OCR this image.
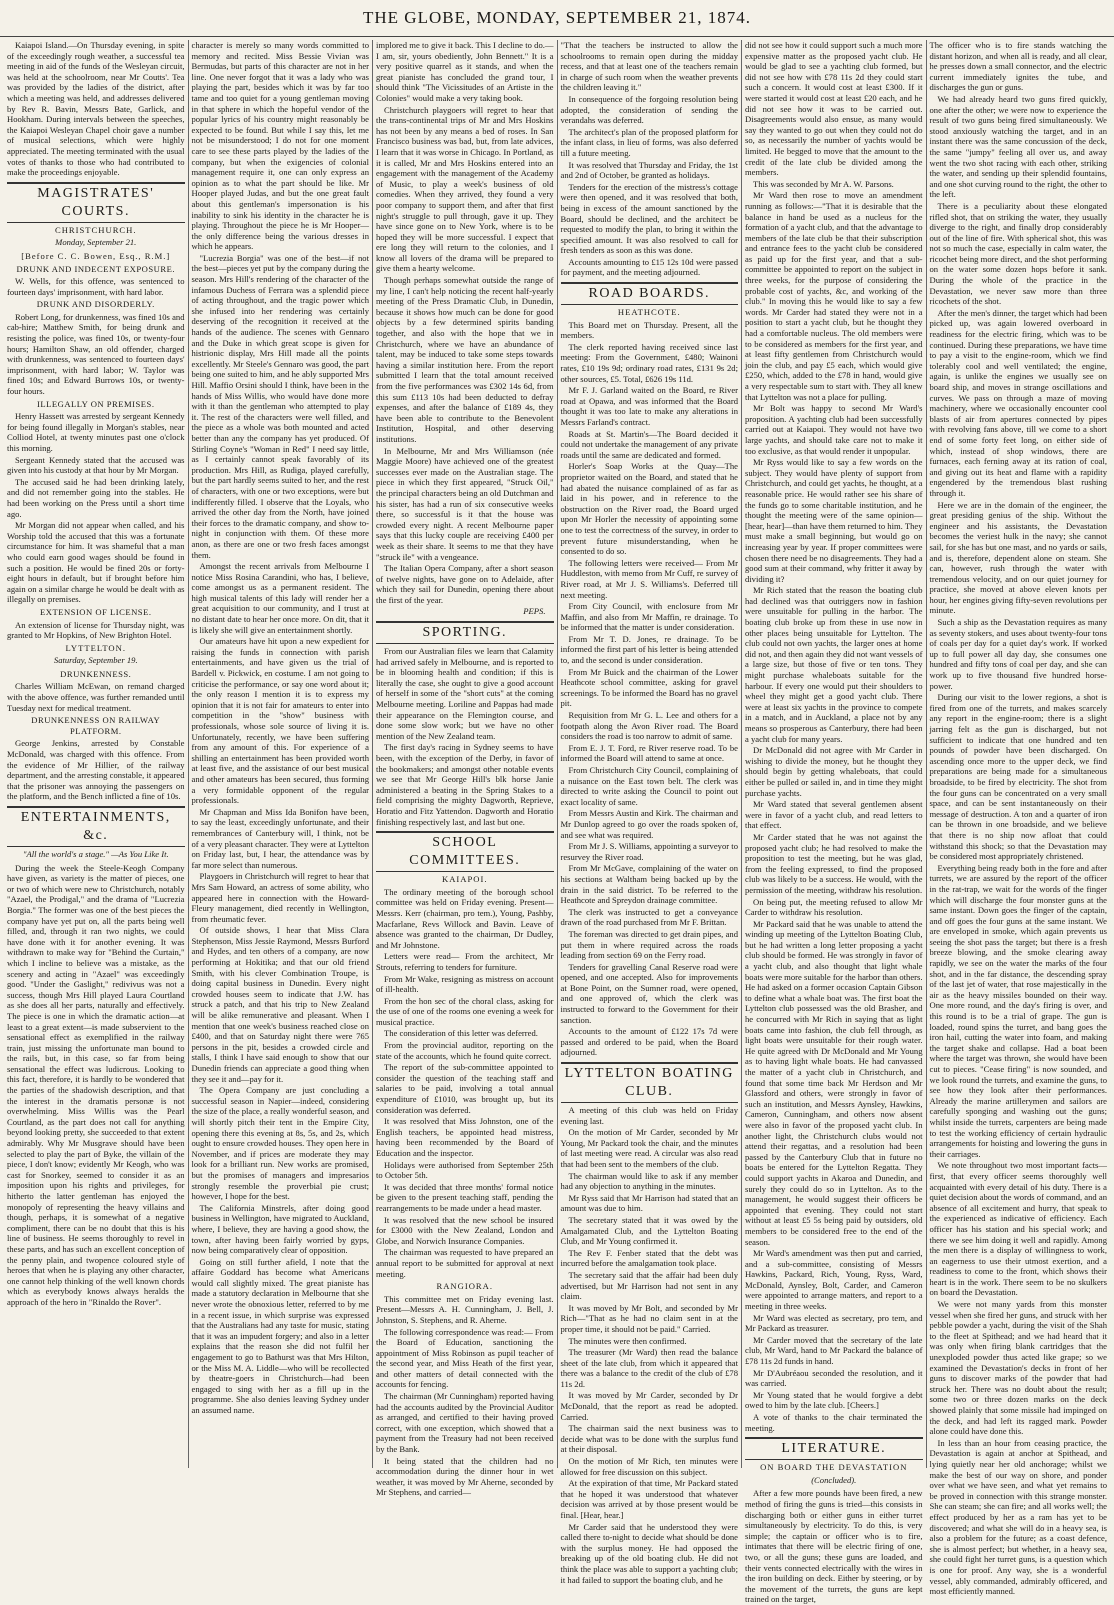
THE GLOBE, MONDAY, SEPTEMBER 21, 1874.

Kaiapoi Island.—On Thursday evening, in spite of the exceedingly rough weather, a successful tea meeting in aid of the funds of the Wesleyan circuit, was held at the schoolroom, near Mr Coutts'. Tea was provided by the ladies of the district, after which a meeting was held, and addresses delivered by Rev R. Bavin, Messrs Bate, Garlick, and Hookham. During intervals between the speeches, the Kaiapoi Wesleyan Chapel choir gave a number of musical selections, which were highly appreciated. The meeting terminated with the usual votes of thanks to those who had contributed to make the proceedings enjoyable.

MAGISTRATES' COURTS.
CHRISTCHURCH.
Monday, September 21.
[Before C. C. Bowen, Esq., R.M.]
DRUNK AND INDECENT EXPOSURE.

W. Wells, for this offence, was sentenced to fourteen days' imprisonment, with hard labor.

DRUNK AND DISORDERLY.

Robert Long, for drunkenness, was fined 10s and cab-hire; Matthew Smith, for being drunk and resisting the police, was fined 10s, or twenty-four hours; Hamilton Shaw, an old offender, charged with drunkenness, was sentenced to fourteen days' imprisonment, with hard labor; W. Taylor was fined 10s; and Edward Burrows 10s, or twenty-four hours.

ILLEGALLY ON PREMISES.

Henry Hassett was arrested by sergeant Kennedy for being found illegally in Morgan's stables, near Colliod Hotel, at twenty minutes past one o'clock this morning.

Sergeant Kennedy stated that the accused was given into his custody at that hour by Mr Morgan.

The accused said he had been drinking lately, and did not remember going into the stables. He had been working on the Press until a short time ago.

Mr Morgan did not appear when called, and his Worship told the accused that this was a fortunate circumstance for him. It was shameful that a man who could earn good wages should be found in such a position. He would be fined 20s or forty-eight hours in default, but if brought before him again on a similar charge he would be dealt with as illegally on premises.

EXTENSION OF LICENSE.

An extension of license for Thursday night, was granted to Mr Hopkins, of New Brighton Hotel.

LYTTELTON.
Saturday, September 19.
DRUNKENNESS.

Charles William McEwan, on remand charged with the above offence, was further remanded until Tuesday next for medical treatment.

DRUNKENNESS ON RAILWAY PLATFORM.

George Jenkins, arrested by Constable McDonald, was charged with this offence. From the evidence of Mr Hillier, of the railway department, and the arresting constable, it appeared that the prisoner was annoying the passengers on the platform, and the Bench inflicted a fine of 10s.

ENTERTAINMENTS, &c.
"All the world's a stage." —As You Like It.

During the week the Steele-Keogh Company have given, as variety is the matter of pieces, one or two of which were new to Christchurch, notably "Azael, the Prodigal," and the drama of "Lucrezia Borgia." The former was one of the best pieces the company have yet put on, all the parts being well filled, and, through it ran two nights, we could have done with it for another evening. It was withdrawn to make way for "Behind the Curtain," which I incline to believe was a mistake, as the scenery and acting in "Azael" was exceedingly good. "Under the Gaslight," redivivus was not a success, though Mrs Hill played Laura Courtland as she does all her parts, naturally and effectively. The piece is one in which the dramatic action—at least to a great extent—is made subservient to the sensational effect as exemplified in the railway train, just missing the unfortunate man bound to the rails, but, in this case, so far from being sensational the effect was ludicrous. Looking to this fact, therefore, it is hardly to be wondered that the parties of the shadowish description, and that the interest in the dramatis personæ is not overwhelming. Miss Willis was the Pearl Courtland, as the part does not call for anything beyond looking pretty, she succeeded to that extent admirably. Why Mr Musgrave should have been selected to play the part of Byke, the villain of the piece, I don't know; evidently Mr Keogh, who was cast for Snorkey, seemed to consider it as an imposition upon his rights and privileges, for hitherto the latter gentleman has enjoyed the monopoly of representing the heavy villains and though, perhaps, it is somewhat of a negative compliment, there can be no doubt that this is his line of business. He seems thoroughly to revel in these parts, and has such an excellent conception of the penny plain, and twopence coloured style of heroes that when he is playing any other character, one cannot help thinking of the well known chords which as everybody knows always heralds the approach of the hero in "Rinaldo the Rover".

character is merely so many words committed to memory and recited. Miss Bessie Vivian was Bermudas, but parts of this character are not in her line. One never forgot that it was a lady who was playing the part, besides which it was by far too tame and too quiet for a young gentleman moving in that sphere in which the hopeful vendor of the popular lyrics of his country might reasonably be expected to be found. But while I say this, let me not be misunderstood; I do not for one moment care to see these parts played by the ladies of the company, but when the exigencies of colonial management require it, one can only express an opinion as to what the part should be like. Mr Hooper played Judas, and but the one great fault about this gentleman's impersonation is his inability to sink his identity in the character he is playing. Throughout the piece he is Mr Hooper—the only difference being the various dresses in which he appears.

"Lucrezia Borgia" was one of the best—if not the best—pieces yet put by the company during the season. Mrs Hill's rendering of the character of the infamous Duchess of Ferrara was a splendid piece of acting throughout, and the tragic power which she infused into her rendering was certainly deserving of the recognition it received at the hands of the audience. The scenes with Gennaro and the Duke in which great scope is given for histrionic display, Mrs Hill made all the points excellently. Mr Steele's Gennaro was good, the part being one suited to him, and he ably supported Mrs Hill. Maffio Orsini should I think, have been in the hands of Miss Willis, who would have done more with it than the gentleman who attempted to play it. The rest of the characters were well filled, and the piece as a whole was both mounted and acted better than any the company has yet produced. Of Stirling Coyne's "Woman in Red" I need say little, as I certainly cannot speak favorably of its production. Mrs Hill, as Rudiga, played carefully, but the part hardly seems suited to her, and the rest of characters, with one or two exceptions, were but indifferently filled. I observe that the Loyals, who arrived the other day from the North, have joined their forces to the dramatic company, and show to-night in conjunction with them. Of these more anon, as there are one or two fresh faces amongst them.

Amongst the recent arrivals from Melbourne I notice Miss Rosina Carandini, who has, I believe, come amongst us as a permanent resident. The high musical talents of this lady will render her a great acquisition to our community, and I trust at no distant date to hear her once more. On dit, that it is likely she will give an entertainment shortly.

Our amateurs have hit upon a new expedient for raising the funds in connection with parish entertainments, and have given us the trial of Bardell v. Pickwick, en costume. I am not going to criticise the performance, or say one word about it; the only reason I mention it is to express my opinion that it is not fair for amateurs to enter into competition in the "show" business with professionals, whose sole source of living it is. Unfortunately, recently, we have been suffering from any amount of this. For experience of a shilling an entertainment has been provided worth at least five, and the assistance of our best musical and other amateurs has been secured, thus forming a very formidable opponent of the regular professionals.

Mr Chapman and Miss Ida Bonifon have been, to say the least, exceedingly unfortunate, and their remembrances of Canterbury will, I think, not be of a very pleasant character. They were at Lyttelton on Friday last, but, I hear, the attendance was by far more select than numerous.

Playgoers in Christchurch will regret to hear that Mrs Sam Howard, an actress of some ability, who appeared here in connection with the Howard-Fleury management, died recently in Wellington, from rheumatic fever.

Of outside shows, I hear that Miss Clara Stephenson, Miss Jessie Raymond, Messrs Burford and Hydes, and ten others of a company, are now performing at Hokitika; and that our old friend Smith, with his clever Combination Troupe, is doing capital business in Dunedin. Every night crowded houses seem to indicate that J.W. has struck a patch, and that his trip to New Zealand will be alike remunerative and pleasant. When I mention that one week's business reached close on £400, and that on Saturday night there were 765 persons in the pit, besides a crowded circle and stalls, I think I have said enough to show that our Dunedin friends can appreciate a good thing when they see it and—pay for it.

The Opera Company are just concluding a successful season in Napier—indeed, considering the size of the place, a really wonderful season, and will shortly pitch their tent in the Empire City, opening there this evening at 8s, 5s, and 2s, which ought to ensure crowded houses. They open here in November, and if prices are moderate they may look for a brilliant run. New works are promised, but the promises of managers and impresarios strongly resemble the proverbial pie crust; however, I hope for the best.

The California Minstrels, after doing good business in Wellington, have migrated to Auckland, where, I believe, they are having a good show, the town, after having been fairly worried by gyps, now being comparatively clear of opposition.

Going on still further afield, I note that the affaire Goddard has become what Americans would call slightly mixed. The great pianiste has made a statutory declaration in Melbourne that she never wrote the obnoxious letter, referred to by me in a recent issue, in which surprise was expressed that the Australians had any taste for music, stating that it was an impudent forgery; and also in a letter explains that the reason she did not fulfil her engagement to go to Bathurst was that Mrs Hilton, or the Miss M. A. Liddle—who will be recollected by theatre-goers in Christchurch—had been engaged to sing with her as a fill up in the programme. She also denies leaving Sydney under an assumed name.

implored me to give it back. This I decline to do.—I am, sir, yours obediently, John Bennett." It is a very positive quarrel as it stands, and when the great pianiste has concluded the grand tour, I should think "The Vicissitudes of an Artiste in the Colonies" would make a very taking book.

Christchurch playgoers will regret to hear that the trans-continental trips of Mr and Mrs Hoskins has not been by any means a bed of roses. In San Francisco business was bad, but, from late advices, I learn that it was worse in Chicago. In Portland, as it is called, Mr and Mrs Hoskins entered into an engagement with the management of the Academy of Music, to play a week's business of old comedies. When they arrived, they found a very poor company to support them, and after that first night's struggle to pull through, gave it up. They have since gone on to New York, where is to be hoped they will be more successful. I expect that ere long they will return to the colonies, and I know all lovers of the drama will be prepared to give them a hearty welcome.

Though perhaps somewhat outside the range of my line, I can't help noticing the recent half-yearly meeting of the Press Dramatic Club, in Dunedin, because it shows how much can be done for good objects by a few determined spirits banding together, and also with the hope that we in Christchurch, where we have an abundance of talent, may be induced to take some steps towards having a similar institution here. From the report submitted I learn that the total amount received from the five performances was £302 14s 6d, from this sum £113 10s had been deducted to defray expenses, and after the balance of £189 4s, they have been able to contribute to the Benevolent Institution, Hospital, and other deserving institutions.

In Melbourne, Mr and Mrs Williamson (née Maggie Moore) have achieved one of the greatest successes ever made on the Australian stage. The piece in which they first appeared, "Struck Oil," the principal characters being an old Dutchman and his sister, has had a run of six consecutive weeks there, so successful is it that the house was crowded every night. A recent Melbourne paper says that this lucky couple are receiving £400 per week as their share. It seems to me that they have "struck ile" with a vengeance.

The Italian Opera Company, after a short season of twelve nights, have gone on to Adelaide, after which they sail for Dunedin, opening there about the first of the year.

PEPS.
SPORTING.

From our Australian files we learn that Calamity had arrived safely in Melbourne, and is reported to be in blooming health and condition; if this is literally the case, she ought to give a good account of herself in some of the "short cuts" at the coming Melbourne meeting. Loriline and Pappas had made their appearance on the Flemington course, and done some slow work; but we have no other mention of the New Zealand team.

The first day's racing in Sydney seems to have been, with the exception of the Derby, in favor of the bookmakers; and amongst other notable events we see that Mr George Hill's blk horse Janie administered a beating in the Spring Stakes to a field comprising the mighty Dagworth, Reprieve, Horatio and Fitz Yattendon. Dagworth and Horatio finishing respectively last, and last but one.

SCHOOL COMMITTEES.
KAIAPOI.

The ordinary meeting of the borough school committee was held on Friday evening. Present—Messrs. Kerr (chairman, pro tem.), Young, Pashby, Macfarlane, Revs Willock and Bavin. Leave of absence was granted to the chairman, Dr Dudley, and Mr Johnstone.

Letters were read— From the architect, Mr Strouts, referring to tenders for furniture.

From Mr Wake, resigning as mistress on account of ill-health.

From the hon sec of the choral class, asking for the use of one of the rooms one evening a week for musical practice.

The consideration of this letter was deferred.

From the provincial auditor, reporting on the state of the accounts, which he found quite correct.

The report of the sub-committee appointed to consider the question of the teaching staff and salaries to be paid, involving a total annual expenditure of £1010, was brought up, but its consideration was deferred.

It was resolved that Miss Johnston, one of the English teachers, be appointed head mistress, having been recommended by the Board of Education and the inspector.

Holidays were authorised from September 25th to October 5th.

It was decided that three months' formal notice be given to the present teaching staff, pending the rearrangements to be made under a head master.

It was resolved that the new school be insured for £3000 with the New Zealand, London and Globe, and Norwich Insurance Companies.

The chairman was requested to have prepared an annual report to be submitted for approval at next meeting.

RANGIORA.

This committee met on Friday evening last. Present—Messrs A. H. Cunningham, J. Bell, J. Johnston, S. Stephens, and R. Aherne.

The following correspondence was read:— From the Board of Education, sanctioning the appointment of Miss Robinson as pupil teacher of the second year, and Miss Heath of the first year, and other matters of detail connected with the accounts for fencing.

The chairman (Mr Cunningham) reported having had the accounts audited by the Provincial Auditor as arranged, and certified to their having proved correct, with one exception, which showed that a payment from the Treasury had not been received by the Bank.

It being stated that the children had no accommodation during the dinner hour in wet weather, it was moved by Mr Aherne, seconded by Mr Stephens, and carried—

"That the teachers be instructed to allow the schoolrooms to remain open during the midday recess, and that at least one of the teachers remain in charge of such room when the weather prevents the children leaving it."

In consequence of the forgoing resolution being adopted, the consideration of sending the verandahs was deferred.

The architect's plan of the proposed platform for the infant class, in lieu of forms, was also deferred till a future meeting.

It was resolved that Thursday and Friday, the 1st and 2nd of October, be granted as holidays.

Tenders for the erection of the mistress's cottage were then opened, and it was resolved that both, being in excess of the amount sanctioned by the Board, should be declined, and the architect be requested to modify the plan, to bring it within the specified amount. It was also resolved to call for fresh tenders as soon as this was done.

Accounts amounting to £15 12s 10d were passed for payment, and the meeting adjourned.

ROAD BOARDS.
HEATHCOTE.

This Board met on Thursday. Present, all the members.

The clerk reported having received since last meeting: From the Government, £480; Wainoni rates, £10 19s 9d; ordinary road rates, £131 9s 2d; other sources, £5. Total, £626 19s 11d.

Mr F. J. Garland waited on the Board, re River road at Opawa, and was informed that the Board thought it was too late to make any alterations in Messrs Farland's contract.

Roads at St. Martin's—The Board decided it could not undertake the management of any private roads until the same are dedicated and formed.

Horler's Soap Works at the Quay—The proprietor waited on the Board, and stated that he had abated the nuisance complained of as far as laid in his power, and in reference to the obstruction on the River road, the Board urged upon Mr Horler the necessity of appointing some one to test the correctness of the survey, in order to prevent future misunderstanding, when he consented to do so.

The following letters were received— From Mr Huddleston, with memo from Mr Cuff, re survey of River road, at Mr J. S. Williams's. Deferred till next meeting.

From City Council, with enclosure from Mr Maffin, and also from Mr Maffin, re drainage. To be informed that the matter is under consideration.

From Mr T. D. Jones, re drainage. To be informed the first part of his letter is being attended to, and the second is under consideration.

From Mr Buick and the chairman of the Lower Heathcote school committee, asking for gravel screenings. To be informed the Board has no gravel pit.

Requisition from Mr G. L. Lee and others for a footpath along the Avon River road. The Board considers the road is too narrow to admit of same.

From E. J. T. Ford, re River reserve road. To be informed the Board will attend to same at once.

From Christchurch City Council, complaining of a nuisance on the East town belt. The clerk was directed to write asking the Council to point out exact locality of same.

From Messrs Austin and Kirk. The chairman and Mr Dunlop agreed to go over the roads spoken of, and see what was required.

From Mr J. S. Williams, appointing a surveyor to resurvey the River road.

From Mr McGave, complaining of the water on his sections at Waltham being backed up by the drain in the said district. To be referred to the Heathcote and Spreydon drainage committee.

The clerk was instructed to get a conveyance drawn of the road purchased from Mr F. Brittan.

The foreman was directed to get drain pipes, and put them in where required across the roads leading from section 69 on the Ferry road.

Tenders for gravelling Canal Reserve road were opened, and one accepted. Also for improvements at Bone Point, on the Sumner road, were opened, and one approved of, which the clerk was instructed to forward to the Government for their sanction.

Accounts to the amount of £122 17s 7d were passed and ordered to be paid, when the Board adjourned.

LYTTELTON BOATING CLUB.

A meeting of this club was held on Friday evening last.

On the motion of Mr Carder, seconded by Mr Young, Mr Packard took the chair, and the minutes of last meeting were read. A circular was also read that had been sent to the members of the club.

The chairman would like to ask if any member had any objection to anything in the minutes.

Mr Ryss said that Mr Harrison had stated that an amount was due to him.

The secretary stated that it was owed by the Amalgamated Club, and the Lyttelton Boating Club, and Mr Young confirmed it.

The Rev F. Fenber stated that the debt was incurred before the amalgamation took place.

The secretary said that the affair had been duly advertised, but Mr Harrison had not sent in any claim.

It was moved by Mr Bolt, and seconded by Mr Rich—"That as he had no claim sent in at the proper time, it should not be paid." Carried.

The minutes were then confirmed.

The treasurer (Mr Ward) then read the balance sheet of the late club, from which it appeared that there was a balance to the credit of the club of £78 11s 2d.

It was moved by Mr Carder, seconded by Dr McDonald, that the report as read be adopted. Carried.

The chairman said the next business was to decide what was to be done with the surplus fund at their disposal.

On the motion of Mr Rich, ten minutes were allowed for free discussion on this subject.

At the expiration of that time, Mr Packard stated that he hoped it was understood that whatever decision was arrived at by those present would be final. [Hear, hear.]

Mr Carder said that he understood they were called there to-night to decide what should be done with the surplus money. He had opposed the breaking up of the old boating club. He did not think the place was able to support a yachting club; it had failed to support the boating club, and he

did not see how it could support such a much more expensive matter as the proposed yacht club. He would be glad to see a yachting club formed, but did not see how with £78 11s 2d they could start such a concern. It would cost at least £300. If it were started it would cost at least £20 each, and he did not see how it was to be carried out. Disagreements would also ensue, as many would say they wanted to go out when they could not do so, as necessarily the number of yachts would be limited. He begged to move that the amount to the credit of the late club be divided among the members.

This was seconded by Mr A. W. Parsons.

Mr Ward then rose to move an amendment running as follows:—"That it is desirable that the balance in hand be used as a nucleus for the formation of a yacht club, and that the advantage to members of the late club be that their subscription and entrance fees to the yacht club be considered as paid up for the first year, and that a sub-committee be appointed to report on the subject in three weeks, for the purpose of considering the probable cost of yachts, &c, and working of the club." In moving this he would like to say a few words. Mr Carder had stated they were not in a position to start a yacht club, but he thought they had a comfortable nucleus. The old members were to be considered as members for the first year, and at least fifty gentlemen from Christchurch would join the club, and pay £5 each, which would give £250, which, added to the £78 in hand, would give a very respectable sum to start with. They all knew that Lyttelton was not a place for pulling.

Mr Bolt was happy to second Mr Ward's proposition. A yachting club had been successfully carried out at Kaiapoi. They would not have two large yachts, and should take care not to make it too exclusive, as that would render it unpopular.

Mr Ryss would like to say a few words on the subject. They would have plenty of support from Christchurch, and could get yachts, he thought, at a reasonable price. He would rather see his share of the funds go to some charitable institution, and he thought the meeting were of the same opinion—[hear, hear]—than have them returned to him. They must make a small beginning, but would go on increasing year by year. If proper committees were chosen there need be no disagreements. They had a good sum at their command, why fritter it away by dividing it?

Mr Rich stated that the reason the boating club had declined was that outriggers now in fashion were unsuitable for pulling in the harbor. The boating club broke up from these in use now in other places being unsuitable for Lyttelton. The club could not own yachts, the larger ones at home did not, and then again they did not want vessels of a large size, but those of five or ten tons. They might purchase whaleboats suitable for the harbour. If every one would put their shoulders to wheel they might get a good yacht club. There were at least six yachts in the province to compete in a match, and in Auckland, a place not by any means so prosperous as Canterbury, there had been a yacht club for many years.

Dr McDonald did not agree with Mr Carder in wishing to divide the money, but he thought they should begin by getting whaleboats, that could either be pulled or sailed in, and in time they might purchase yachts.

Mr Ward stated that several gentlemen absent were in favor of a yacht club, and read letters to that effect.

Mr Carder stated that he was not against the proposed yacht club; he had resolved to make the proposition to test the meeting, but he was glad, from the feeling expressed, to find the proposed club was likely to be a success. He would, with the permission of the meeting, withdraw his resolution.

On being put, the meeting refused to allow Mr Carder to withdraw his resolution.

Mr Packard said that he was unable to attend the winding up meeting of the Lyttelton Boating Club, but he had written a long letter proposing a yacht club should be formed. He was strongly in favor of a yacht club, and also thought that light whale boats were more suitable for the harbor than others. He had asked on a former occasion Captain Gibson to define what a whale boat was. The first boat the Lyttelton club possessed was the old Brasher, and he concurred with Mr Rich in saying that as light boats came into fashion, the club fell through, as light boats were unsuitable for their rough water. He quite agreed with Dr McDonald and Mr Young as to having light whale boats. He had canvassed the matter of a yacht club in Christchurch, and found that some time back Mr Herdson and Mr Glassford and others, were strongly in favor of such an institution, and Messrs Aynsley, Hawkins, Cameron, Cunningham, and others now absent were also in favor of the proposed yacht club. In another light, the Christchurch clubs would not attend their regattas, and a resolution had been passed by the Canterbury Club that in future no boats be entered for the Lyttelton Regatta. They could support yachts in Akaroa and Dunedin, and surely they could do so in Lyttelton. As to the management, he would suggest their officers be appointed that evening. They could not start without at least £5 5s being paid by outsiders, old members to be considered free to the end of the season.

Mr Ward's amendment was then put and carried, and a sub-committee, consisting of Messrs Hawkins, Packard, Rich, Young, Ryss, Ward, McDonald, Aynsley, Bolt, Carder, and Cameron were appointed to arrange matters, and report to a meeting in three weeks.

Mr Ward was elected as secretary, pro tem, and Mr Packard as treasurer.

Mr Carder moved that the secretary of the late club, Mr Ward, hand to Mr Packard the balance of £78 11s 2d funds in hand.

Mr D'Aubréaou seconded the resolution, and it was carried.

Mr Young stated that he would forgive a debt owed to him by the late club. [Cheers.]

A vote of thanks to the chair terminated the meeting.

LITERATURE.
ON BOARD THE DEVASTATION
(Concluded).

After a few more pounds have been fired, a new method of firing the guns is tried—this consists in discharging both or either guns in either turret simultaneously by electricity. To do this, is very simple; the captain or officer who is to fire, intimates that there will be electric firing of one, two, or all the guns; these guns are loaded, and their vents connected electrically with the wires in the iron building on deck. Either by steering, or by the movement of the turrets, the guns are kept trained on the target,

The officer who is to fire stands watching the distant horizon, and when all is ready, and all clear, he presses down a small connector, and the electric current immediately ignites the tube, and discharges the gun or guns.

We had already heard two guns fired quickly, one after the other; we were now to experience the result of two guns being fired simultaneously. We stood anxiously watching the target, and in an instant there was the same concussion of the deck, the same "jumpy" feeling all over us, and away went the two shot racing with each other, striking the water, and sending up their splendid fountains, and one shot curving round to the right, the other to the left.

There is a peculiarity about these elongated rifled shot, that on striking the water, they usually diverge to the right, and finally drop considerably out of the line of fire. With spherical shot, this was not so much the case, especially in calm water, the ricochet being more direct, and the shot performing on the water some dozen hops before it sank. During the whole of the practice in the Devastation, we never saw more than three ricochets of the shot.

After the men's dinner, the target which had been picked up, was again lowered overboard in readiness for the electric firing, which was to be continued. During these preparations, we have time to pay a visit to the engine-room, which we find tolerably cool and well ventilated; the engine, again, is unlike the engines we usually see on board ship, and moves in strange oscillations and curves. We pass on through a maze of moving machinery, where we occasionally encounter cool blasts of air from apertures connected by pipes with revolving fans above, till we come to a short end of some forty feet long, on either side of which, instead of shop windows, there are furnaces, each ferning away at its ration of coal, and giving out its heat and flame with a rapidity engendered by the tremendous blast rushing through it.

Here we are in the domain of the engineer, the great presiding genius of the ship. Without the engineer and his assistants, the Devastation becomes the veriest hulk in the navy; she cannot sail, for she has but one mast, and no yards or sails, and is, therefore, dependent alone on steam. She can, however, rush through the water with tremendous velocity, and on our quiet journey for practice, she moved at above eleven knots per hour, her engines giving fifty-seven revolutions per minute.

Such a ship as the Devastation requires as many as seventy stokers, and uses about twenty-four tons of coals per day for a quiet day's work. If worked up to full power all day day, she consumes one hundred and fifty tons of coal per day, and she can work up to five thousand five hundred horse-power.

During our visit to the lower regions, a shot is fired from one of the turrets, and makes scarcely any report in the engine-room; there is a slight jarring felt as the gun is discharged, but not sufficient to indicate that one hundred and ten pounds of powder have been discharged. On ascending once more to the upper deck, we find preparations are being made for a simultaneous broadside, to be fired by electricity. The shot from the four guns can be concentrated on a very small space, and can be sent instantaneously on their message of destruction. A ton and a quarter of iron can be thrown in one broadside, and we believe that there is no ship now afloat that could withstand this shock; so that the Devastation may be considered most appropriately christened.

Everything being ready both in the fore and after turrets, we are assured by the report of the officer in the rat-trap, we wait for the words of the finger which will discharge the four monster guns at the same instant. Down goes the finger of the captain, and off goes the four guns at the same instant. We are enveloped in smoke, which again prevents us seeing the shot pass the target; but there is a fresh breeze blowing, and the smoke clearing away rapidly, we see on the water the marks of the four shot, and in the far distance, the descending spray of the last jet of water, that rose majestically in the air as the heavy missiles bounded on their way. One more round, and the day's firing is over, and this round is to be a trial of grape. The gun is loaded, round spins the turret, and bang goes the iron hail, cutting the water into foam, and making the target shake and collapse. Had a boat been where the target was thrown, she would have been cut to pieces. "Cease firing" is now sounded, and we look round the turrets, and examine the guns, to see how they look after their performances. Already the marine artillerymen and sailors are carefully sponging and washing out the guns; whilst inside the turrets, carpenters are being made to test the working efficiency of certain hydraulic arrangements for hoisting and lowering the guns in their carriages.

We note throughout two most important facts—first, that every officer seems thoroughly well acquainted with every detail of his duty. There is a quiet decision about the words of command, and an absence of all excitement and hurry, that speak to the experienced as indicative of efficiency. Each officer has his station and his special work; and there we see him doing it well and rapidly. Among the men there is a display of willingness to work, an eagerness to use their utmost exertion, and a readiness to come to the front, which shows their heart is in the work. There seem to be no skulkers on board the Devastation.

We were not many yards from this monster vessel when she fired her guns, and struck with her pebble powder a yacht, during the visit of the Shah to the fleet at Spithead; and we had heard that it was only when firing blank cartridges that the unexploded powder thus acted like grape; so we examined the Devastation's decks in front of her guns to discover marks of the powder that had struck her. There was no doubt about the result; some two or three dozen marks on the deck showed plainly that some missile had impinged on the deck, and had left its ragged mark. Powder alone could have done this.

In less than an hour from ceasing practice, the Devastation is again at anchor at Spithead, and lying quietly near her old anchorage; whilst we make the best of our way on shore, and ponder over what we have seen, and what yet remains to be proved in connection with this strange monster. She can steam; she can fire; and all works well; the effect produced by her as a ram has yet to be discovered; and what she will do in a heavy sea, is also a problem for the future; as a coast defence, she is almost perfect; but whether, in a heavy sea, she could fight her turret guns, is a question which is one for proof. Any way, she is a wonderful vessel, ably commanded, admirably officered, and most efficiently manned.
